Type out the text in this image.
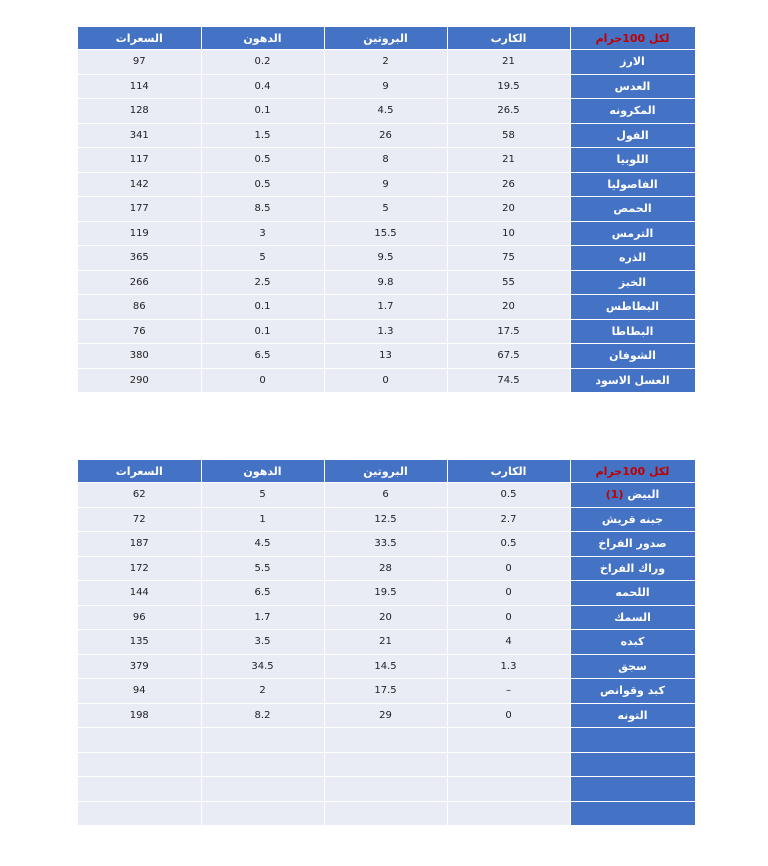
السعرات	الدهون	البروتين	الكارب	لكل 100جرام
97	0.2	2	21	الارز
114	0.4	9	19.5	العدس
128	0.1	4.5	26.5	المكرونه
341	1.5	26	58	الفول
117	0.5	8	21	اللوبيا
142	0.5	9	26	الفاصوليا
177	8.5	5	20	الحمص
119	3	15.5	10	الترمس
365	5	9.5	75	الذره
266	2.5	9.8	55	الخبز
86	0.1	1.7	20	البطاطس
76	0.1	1.3	17.5	البطاطا
380	6.5	13	67.5	الشوفان
290	0	0	74.5	العسل الاسود
السعرات	الدهون	البروتين	الكارب	لكل 100جرام
62	5	6	0.5	البيض (1)
72	1	12.5	2.7	جبنه قريش
187	4.5	33.5	0.5	صدور الفراخ
172	5.5	28	0	وراك الفراخ
144	6.5	19.5	0	اللحمه
96	1.7	20	0	السمك
135	3.5	21	4	كبده
379	34.5	14.5	1.3	سجق
94	2	17.5	–	كبد وقوانص
198	8.2	29	0	التونه
